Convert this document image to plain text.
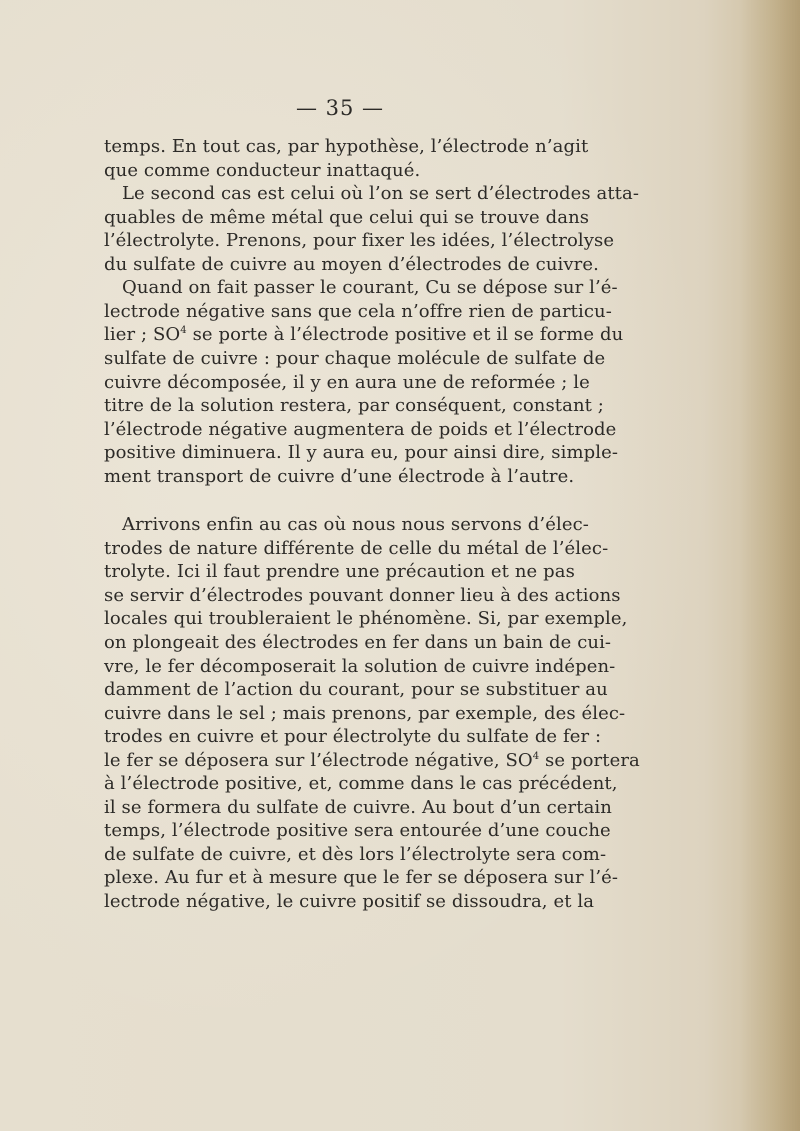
— 35 —
temps. En tout cas, par hypothèse, l’électrode n’agit
que comme conducteur inattaqué.
Le second cas est celui où l’on se sert d’électrodes atta-
quables de même métal que celui qui se trouve dans
l’électrolyte. Prenons, pour fixer les idées, l’électrolyse
du sulfate de cuivre au moyen d’électrodes de cuivre.
Quand on fait passer le courant, Cu se dépose sur l’é-
lectrode négative sans que cela n’offre rien de particu-
lier ; $SO^4$ se porte à l’électrode positive et il se forme du
sulfate de cuivre : pour chaque molécule de sulfate de
cuivre décomposée, il y en aura une de reformée ; le
titre de la solution restera, par conséquent, constant ;
l’électrode négative augmentera de poids et l’électrode
positive diminuera. Il y aura eu, pour ainsi dire, simple-
ment transport de cuivre d’une électrode à l’autre.
Arrivons enfin au cas où nous nous servons d’élec-
trodes de nature différente de celle du métal de l’élec-
trolyte. Ici il faut prendre une précaution et ne pas
se servir d’électrodes pouvant donner lieu à des actions
locales qui troubleraient le phénomène. Si, par exemple,
on plongeait des électrodes en fer dans un bain de cui-
vre, le fer décomposerait la solution de cuivre indépen-
damment de l’action du courant, pour se substituer au
cuivre dans le sel ; mais prenons, par exemple, des élec-
trodes en cuivre et pour électrolyte du sulfate de fer :
le fer se déposera sur l’électrode négative, $SO^4$ se portera
à l’électrode positive, et, comme dans le cas précédent,
il se formera du sulfate de cuivre. Au bout d’un certain
temps, l’électrode positive sera entourée d’une couche
de sulfate de cuivre, et dès lors l’électrolyte sera com-
plexe. Au fur et à mesure que le fer se déposera sur l’é-
lectrode négative, le cuivre positif se dissoudra, et la
